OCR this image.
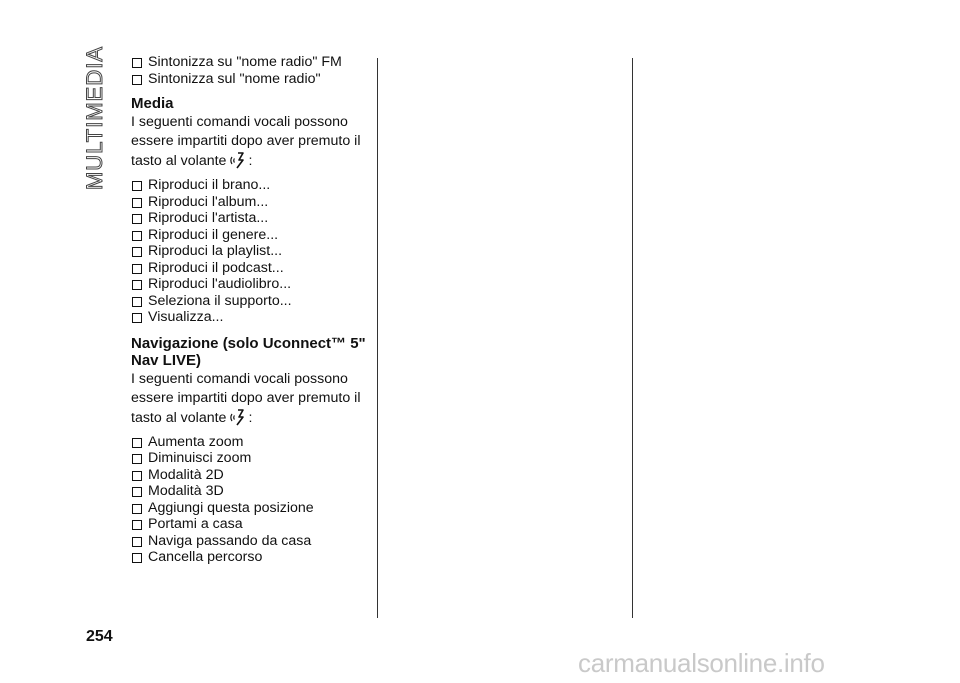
MULTIMEDIA	Sintonizza su "nome radio" FM
Sintonizza sul "nome radio"
Media
I seguenti comandi vocali possono
essere impartiti dopo aver premuto il
tasto al volante :
Riproduci il brano...
Riproduci l'album...
Riproduci l'artista...
Riproduci il genere...
Riproduci la playlist...
Riproduci il podcast...
Riproduci l'audiolibro...
Seleziona il supporto...
Visualizza...
Navigazione (solo Uconnect™ 5"
Nav LIVE)
I seguenti comandi vocali possono
essere impartiti dopo aver premuto il
tasto al volante :
Aumenta zoom
Diminuisci zoom
Modalità 2D
Modalità 3D
Aggiungi questa posizione
Portami a casa
Naviga passando da casa
Cancella percorso
254
carmanualsonline.info
